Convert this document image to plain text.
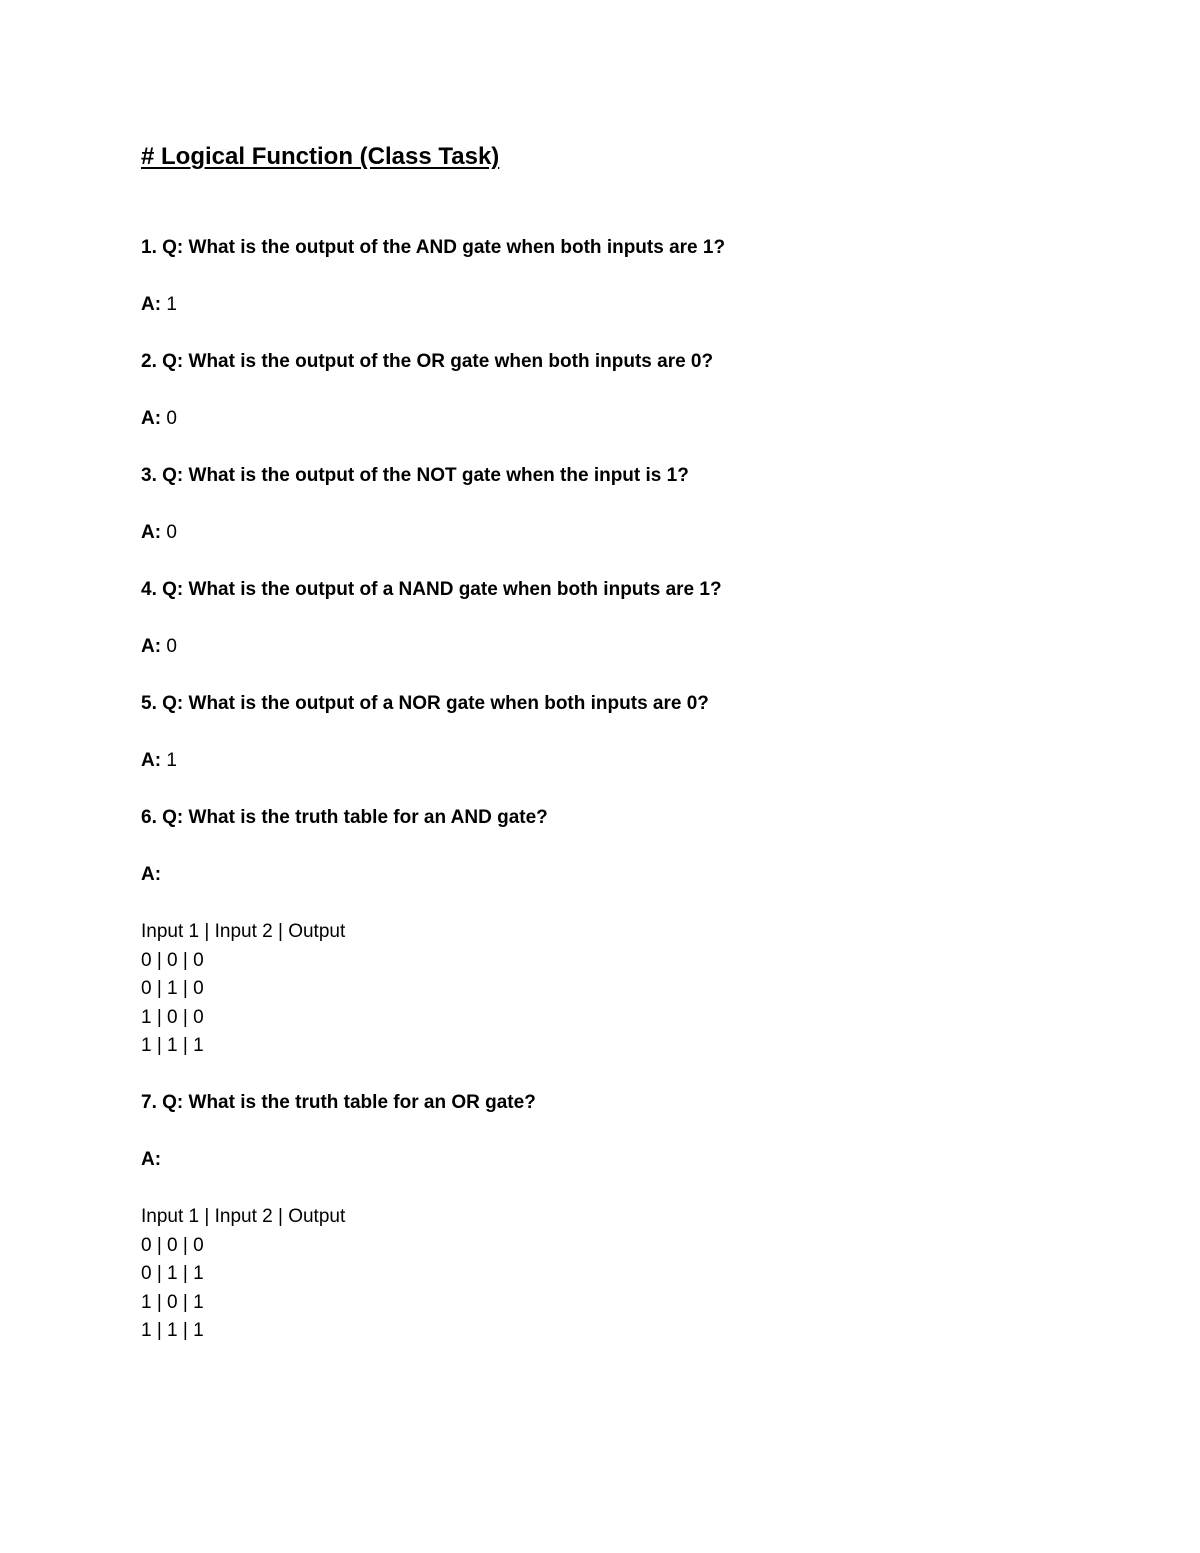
# Logical Function (Class Task)

1. Q: What is the output of the AND gate when both inputs are 1?

A: 1

2. Q: What is the output of the OR gate when both inputs are 0?

A: 0

3. Q: What is the output of the NOT gate when the input is 1?

A: 0

4. Q: What is the output of a NAND gate when both inputs are 1?

A: 0

5. Q: What is the output of a NOR gate when both inputs are 0?

A: 1

6. Q: What is the truth table for an AND gate?

A:

Input 1 | Input 2 | Output
0 | 0 | 0
0 | 1 | 0
1 | 0 | 0
1 | 1 | 1

7. Q: What is the truth table for an OR gate?

A:

Input 1 | Input 2 | Output
0 | 0 | 0
0 | 1 | 1
1 | 0 | 1
1 | 1 | 1
